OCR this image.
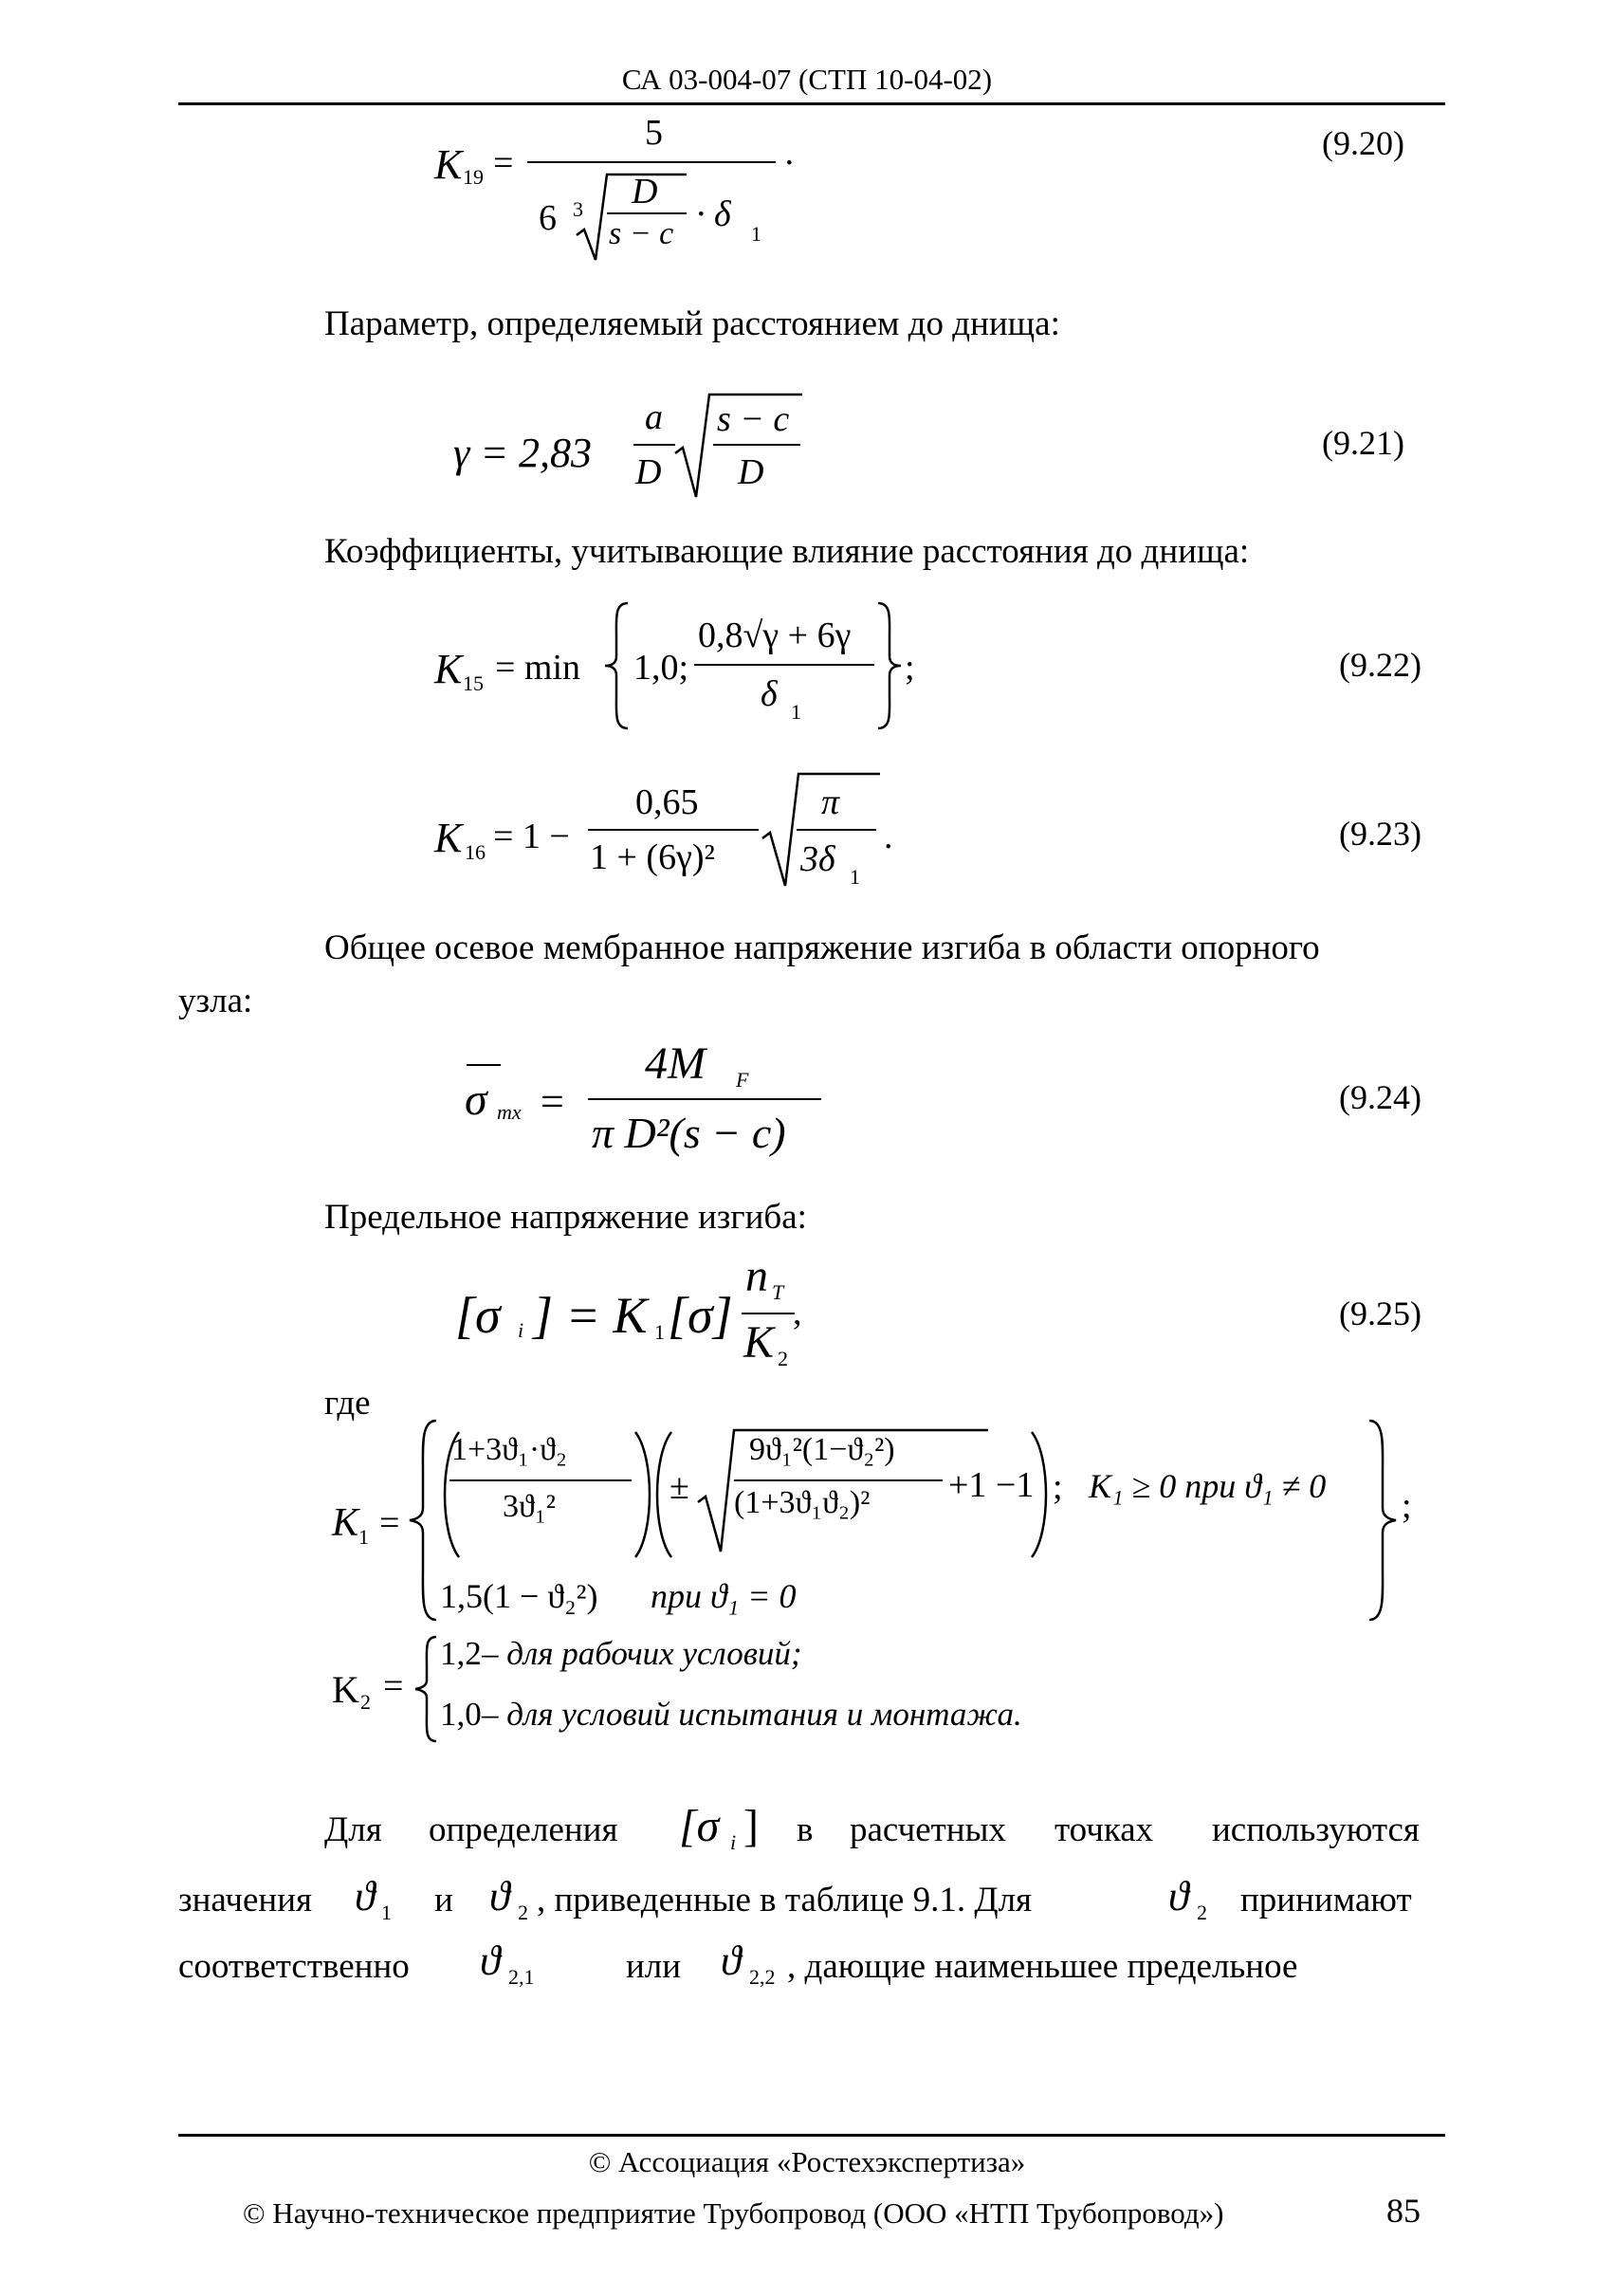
СА 03-004-07 (СТП 10-04-02)
K 19 =
5
·
6 3 D
s − c · δ 1
(9.20)
Параметр, определяемый расстоянием до днища:
γ = 2,83
a
D
s − c
D
(9.21)
Коэффициенты, учитывающие влияние расстояния до днища:
K 15 = min 1,0;
0,8√γ + 6γ
δ 1
;	(9.22)
K 16 = 1 −
0,65
1 + (6γ)²
π
3δ 1
.	(9.23)
Общее осевое мембранное напряжение изгиба в области опорного
узла:
σ mx =
4M F
π D²(s − c)
(9.24)
Предельное напряжение изгиба:
[σ i ] = K 1 [σ]
n T
K 2
,	(9.25)
где
K 1 =
1+3ϑ₁·ϑ₂
3ϑ₁²	±
9ϑ₁²(1−ϑ₂²)
(1+3ϑ₁ϑ₂)² +1 −1 ; K₁ ≥ 0 при ϑ₁ ≠ 0 ;
1,5(1 − ϑ₂²) при ϑ₁ = 0
K 2 =
1,2 – для рабочих условий;
1,0 – для условий испытания и монтажа.
Для определения [σ i ] в расчетных точках используются
значения ϑ 1 и ϑ 2 , приведенные в таблице 9.1. Для	ϑ 2 принимают
соответственно ϑ 2,1	или ϑ 2,2 , дающие наименьшее предельное
© Ассоциация «Ростехэкспертиза»
© Научно-техническое предприятие Трубопровод (ООО «НТП Трубопровод»)	85
